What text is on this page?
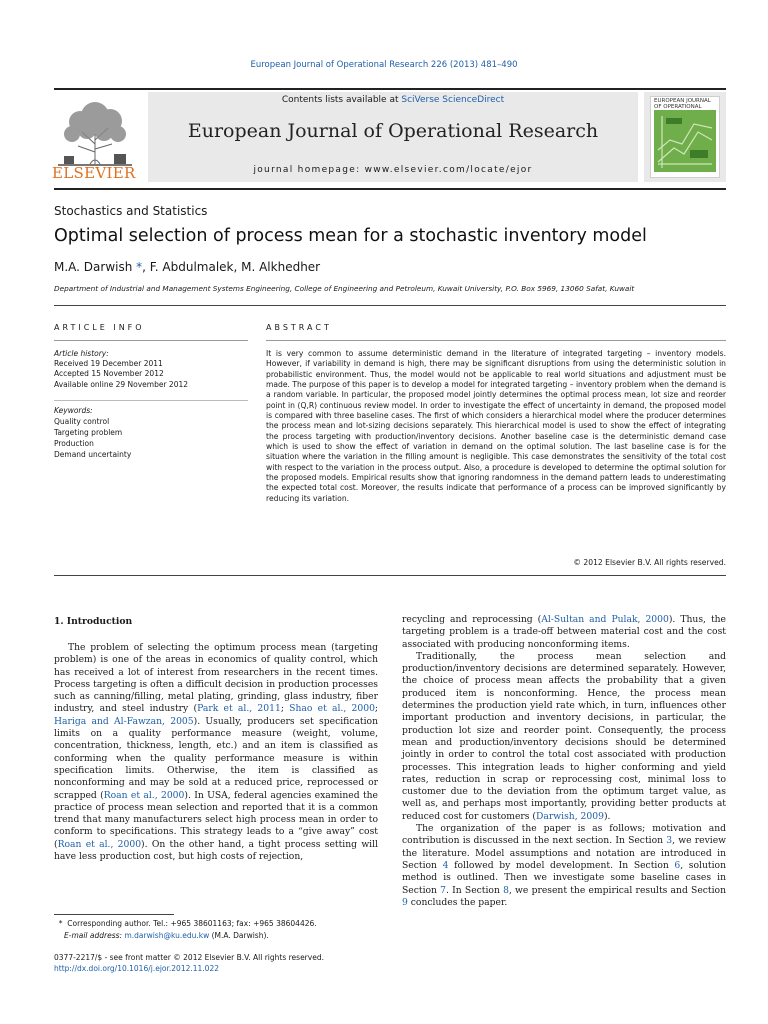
European Journal of Operational Research 226 (2013) 481–490
ELSEVIER
Contents lists available at SciVerse ScienceDirect
European Journal of Operational Research
journal homepage: www.elsevier.com/locate/ejor
EUROPEAN JOURNAL OF OPERATIONAL
Stochastics and Statistics
Optimal selection of process mean for a stochastic inventory model
M.A. Darwish *, F. Abdulmalek, M. Alkhedher
Department of Industrial and Management Systems Engineering, College of Engineering and Petroleum, Kuwait University, P.O. Box 5969, 13060 Safat, Kuwait
ARTICLE INFO	ABSTRACT
Article history:
Received 19 December 2011
Accepted 15 November 2012
Available online 29 November 2012
Keywords:
Quality control
Targeting problem
Production
Demand uncertainty
It is very common to assume deterministic demand in the literature of integrated targeting – inventory models. However, if variability in demand is high, there may be significant disruptions from using the deterministic solution in probabilistic environment. Thus, the model would not be applicable to real world situations and adjustment must be made. The purpose of this paper is to develop a model for integrated targeting – inventory problem when the demand is a random variable. In particular, the proposed model jointly determines the optimal process mean, lot size and reorder point in (Q,R) continuous review model. In order to investigate the effect of uncertainty in demand, the proposed model is compared with three baseline cases. The first of which considers a hierarchical model where the producer determines the process mean and lot-sizing decisions separately. This hierarchical model is used to show the effect of integrating the process targeting with production/inventory decisions. Another baseline case is the deterministic demand case which is used to show the effect of variation in demand on the optimal solution. The last baseline case is for the situation where the variation in the filling amount is negligible. This case demonstrates the sensitivity of the total cost with respect to the variation in the process output. Also, a procedure is developed to determine the optimal solution for the proposed models. Empirical results show that ignoring randomness in the demand pattern leads to underestimating the expected total cost. Moreover, the results indicate that performance of a process can be improved significantly by reducing its variation.
© 2012 Elsevier B.V. All rights reserved.
1. Introduction

The problem of selecting the optimum process mean (targeting problem) is one of the areas in economics of quality control, which has received a lot of interest from researchers in the recent times. Process targeting is often a difficult decision in production processes such as canning/filling, metal plating, grinding, glass industry, fiber industry, and steel industry (Park et al., 2011; Shao et al., 2000; Hariga and Al-Fawzan, 2005). Usually, producers set specification limits on a quality performance measure (weight, volume, concentration, thickness, length, etc.) and an item is classified as conforming when the quality performance measure is within specification limits. Otherwise, the item is classified as nonconforming and may be sold at a reduced price, reprocessed or scrapped (Roan et al., 2000). In USA, federal agencies examined the practice of process mean selection and reported that it is a common trend that many manufacturers select high process mean in order to conform to specifications. This strategy leads to a “give away” cost (Roan et al., 2000). On the other hand, a tight process setting will have less production cost, but high costs of rejection,

recycling and reprocessing (Al-Sultan and Pulak, 2000). Thus, the targeting problem is a trade-off between material cost and the cost associated with producing nonconforming items.

Traditionally, the process mean selection and production/inventory decisions are determined separately. However, the choice of process mean affects the probability that a given produced item is nonconforming. Hence, the process mean determines the production yield rate which, in turn, influences other important production and inventory decisions, in particular, the production lot size and reorder point. Consequently, the process mean and production/inventory decisions should be determined jointly in order to control the total cost associated with production processes. This integration leads to higher conforming and yield rates, reduction in scrap or reprocessing cost, minimal loss to customer due to the deviation from the optimum target value, as well as, and perhaps most importantly, providing better products at reduced cost for customers (Darwish, 2009).

The organization of the paper is as follows; motivation and contribution is discussed in the next section. In Section 3, we review the literature. Model assumptions and notation are introduced in Section 4 followed by model development. In Section 6, solution method is outlined. Then we investigate some baseline cases in Section 7. In Section 8, we present the empirical results and Section 9 concludes the paper.

*  Corresponding author. Tel.: +965 38601163; fax: +965 38604426.
E-mail address: m.darwish@ku.edu.kw (M.A. Darwish).
0377-2217/$ - see front matter © 2012 Elsevier B.V. All rights reserved.
http://dx.doi.org/10.1016/j.ejor.2012.11.022
